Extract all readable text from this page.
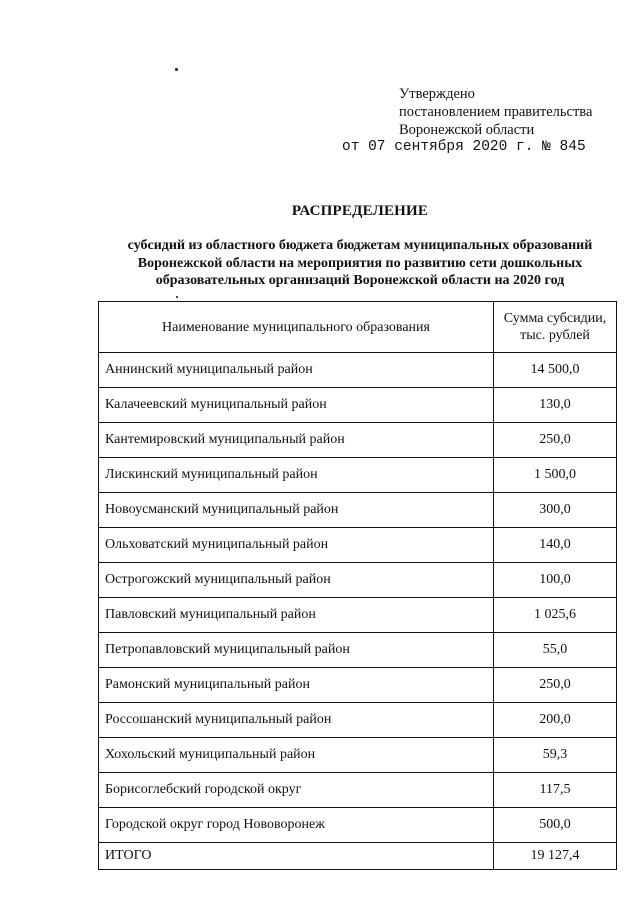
Утверждено
постановлением правительства
Воронежской области
от 07 сентября 2020 г. № 845
РАСПРЕДЕЛЕНИЕ
субсидий из областного бюджета бюджетам муниципальных образований Воронежской области на мероприятия по развитию сети дошкольных образовательных организаций Воронежской области на 2020 год
Наименование муниципального образования	Сумма субсидии, тыс. рублей
Аннинский муниципальный район	14 500,0
Калачеевский муниципальный район	130,0
Кантемировский муниципальный район	250,0
Лискинский муниципальный район	1 500,0
Новоусманский муниципальный район	300,0
Ольховатский муниципальный район	140,0
Острогожский муниципальный район	100,0
Павловский муниципальный район	1 025,6
Петропавловский муниципальный район	55,0
Рамонский муниципальный район	250,0
Россошанский муниципальный район	200,0
Хохольский муниципальный район	59,3
Борисоглебский городской округ	117,5
Городской округ город Нововоронеж	500,0
ИТОГО	19 127,4
